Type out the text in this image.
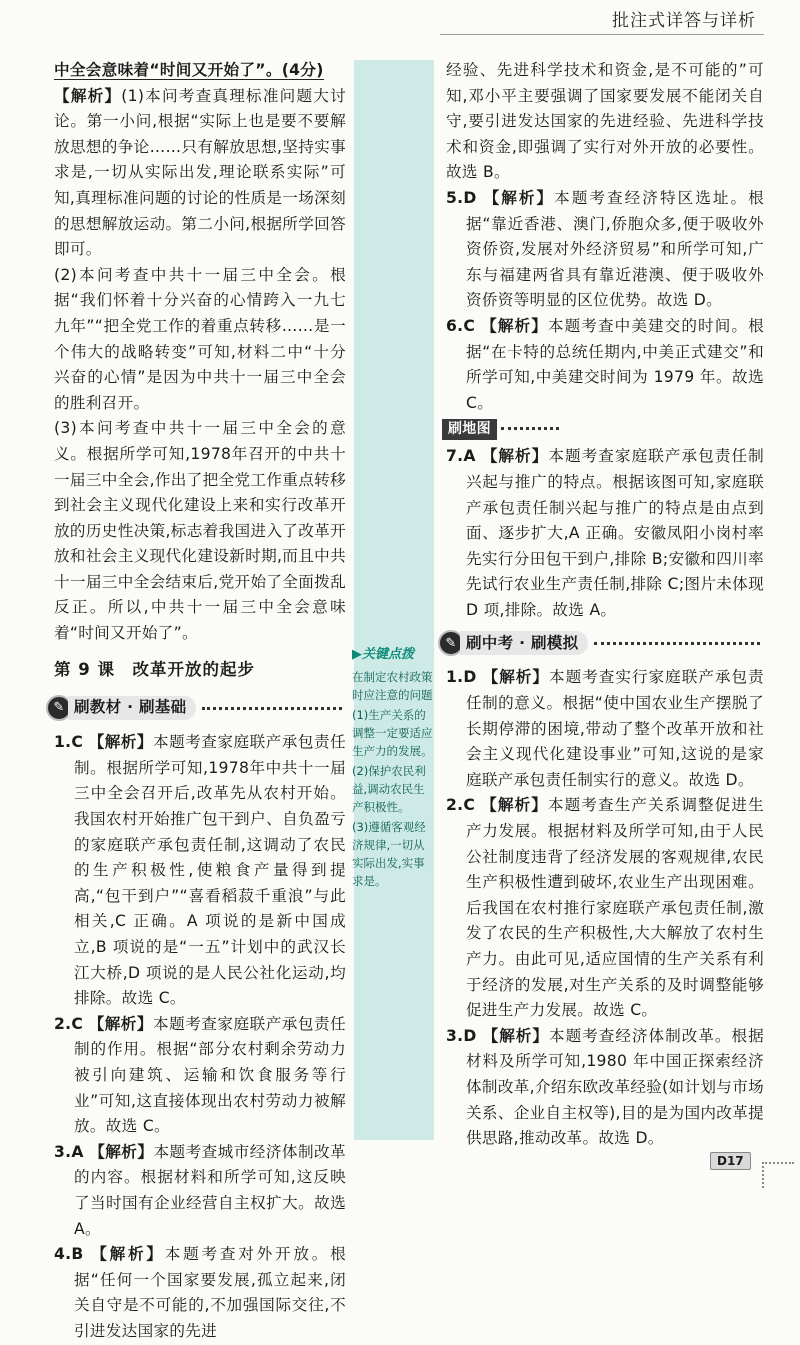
批注式详答与详析

中全会意味着“时间又开始了”。(4分)

【解析】(1)本问考查真理标准问题大讨论。第一小问,根据“实际上也是要不要解放思想的争论……只有解放思想,坚持实事求是,一切从实际出发,理论联系实际”可知,真理标准问题的讨论的性质是一场深刻的思想解放运动。第二小问,根据所学回答即可。

(2)本问考查中共十一届三中全会。根据“我们怀着十分兴奋的心情跨入一九七九年”“把全党工作的着重点转移……是一个伟大的战略转变”可知,材料二中“十分兴奋的心情”是因为中共十一届三中全会的胜利召开。

(3)本问考查中共十一届三中全会的意义。根据所学可知,1978年召开的中共十一届三中全会,作出了把全党工作重点转移到社会主义现代化建设上来和实行改革开放的历史性决策,标志着我国进入了改革开放和社会主义现代化建设新时期,而且中共十一届三中全会结束后,党开始了全面拨乱反正。所以,中共十一届三中全会意味着“时间又开始了”。

第 9 课　改革开放的起步

✎ 刷教材 · 刷基础

1.C 【解析】本题考查家庭联产承包责任制。根据所学可知,1978年中共十一届三中全会召开后,改革先从农村开始。我国农村开始推广包干到户、自负盈亏的家庭联产承包责任制,这调动了农民的生产积极性,使粮食产量得到提高,“包干到户”“喜看稻菽千重浪”与此相关,C 正确。A 项说的是新中国成立,B 项说的是“一五”计划中的武汉长江大桥,D 项说的是人民公社化运动,均排除。故选 C。

2.C 【解析】本题考查家庭联产承包责任制的作用。根据“部分农村剩余劳动力被引向建筑、运输和饮食服务等行业”可知,这直接体现出农村劳动力被解放。故选 C。

3.A 【解析】本题考查城市经济体制改革的内容。根据材料和所学可知,这反映了当时国有企业经营自主权扩大。故选 A。

4.B 【解析】本题考查对外开放。根据“任何一个国家要发展,孤立起来,闭关自守是不可能的,不加强国际交往,不引进发达国家的先进

▶关键点拨

在制定农村政策时应注意的问题

(1)生产关系的调整一定要适应生产力的发展。

(2)保护农民利益,调动农民生产积极性。

(3)遵循客观经济规律,一切从实际出发,实事求是。

经验、先进科学技术和资金,是不可能的”可知,邓小平主要强调了国家要发展不能闭关自守,要引进发达国家的先进经验、先进科学技术和资金,即强调了实行对外开放的必要性。故选 B。

5.D 【解析】本题考查经济特区选址。根据“靠近香港、澳门,侨胞众多,便于吸收外资侨资,发展对外经济贸易”和所学可知,广东与福建两省具有靠近港澳、便于吸收外资侨资等明显的区位优势。故选 D。

6.C 【解析】本题考查中美建交的时间。根据“在卡特的总统任期内,中美正式建交”和所学可知,中美建交时间为 1979 年。故选 C。

刷地图

7.A 【解析】本题考查家庭联产承包责任制兴起与推广的特点。根据该图可知,家庭联产承包责任制兴起与推广的特点是由点到面、逐步扩大,A 正确。安徽凤阳小岗村率先实行分田包干到户,排除 B;安徽和四川率先试行农业生产责任制,排除 C;图片未体现 D 项,排除。故选 A。

✎ 刷中考 · 刷模拟

1.D 【解析】本题考查实行家庭联产承包责任制的意义。根据“使中国农业生产摆脱了长期停滞的困境,带动了整个改革开放和社会主义现代化建设事业”可知,这说的是家庭联产承包责任制实行的意义。故选 D。

2.C 【解析】本题考查生产关系调整促进生产力发展。根据材料及所学可知,由于人民公社制度违背了经济发展的客观规律,农民生产积极性遭到破坏,农业生产出现困难。后我国在农村推行家庭联产承包责任制,激发了农民的生产积极性,大大解放了农村生产力。由此可见,适应国情的生产关系有利于经济的发展,对生产关系的及时调整能够促进生产力发展。故选 C。

3.D 【解析】本题考查经济体制改革。根据材料及所学可知,1980 年中国正探索经济体制改革,介绍东欧改革经验(如计划与市场关系、企业自主权等),目的是为国内改革提供思路,推动改革。故选 D。

D17
